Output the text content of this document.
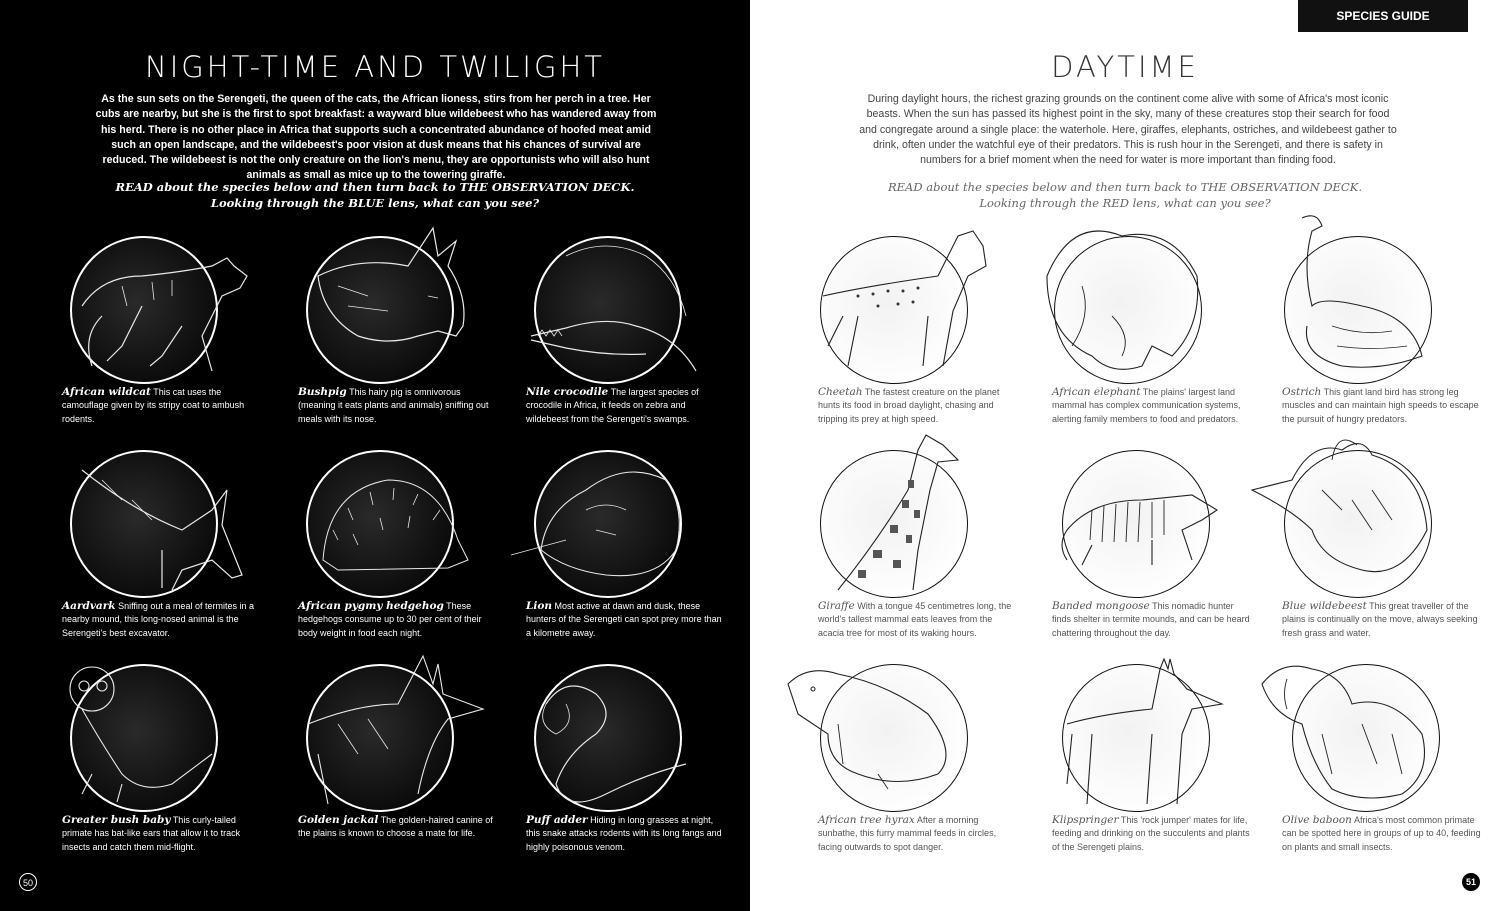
NIGHT-TIME AND TWILIGHT

As the sun sets on the Serengeti, the queen of the cats, the African lioness, stirs from her perch in a tree. Her cubs are nearby, but she is the first to spot breakfast: a wayward blue wildebeest who has wandered away from his herd. There is no other place in Africa that supports such a concentrated abundance of hoofed meat amid such an open landscape, and the wildebeest's poor vision at dusk means that his chances of survival are reduced. The wildebeest is not the only creature on the lion's menu, they are opportunists who will also hunt animals as small as mice up to the towering giraffe.

READ about the species below and then turn back to THE OBSERVATION DECK.
Looking through the BLUE lens, what can you see?

African wildcat This cat uses the camouflage given by its stripy coat to ambush rodents.

Bushpig This hairy pig is omnivorous (meaning it eats plants and animals) sniffing out meals with its nose.

Nile crocodile The largest species of crocodile in Africa, it feeds on zebra and wildebeest from the Serengeti's swamps.

Aardvark Sniffing out a meal of termites in a nearby mound, this long-nosed animal is the Serengeti's best excavator.

African pygmy hedgehog These hedgehogs consume up to 30 per cent of their body weight in food each night.

Lion Most active at dawn and dusk, these hunters of the Serengeti can spot prey more than a kilometre away.

Greater bush baby This curly-tailed primate has bat-like ears that allow it to track insects and catch them mid-flight.

Golden jackal The golden-haired canine of the plains is known to choose a mate for life.

Puff adder Hiding in long grasses at night, this snake attacks rodents with its long fangs and highly poisonous venom.

50
SPECIES GUIDE
DAYTIME

During daylight hours, the richest grazing grounds on the continent come alive with some of Africa's most iconic beasts. When the sun has passed its highest point in the sky, many of these creatures stop their search for food and congregate around a single place: the waterhole. Here, giraffes, elephants, ostriches, and wildebeest gather to drink, often under the watchful eye of their predators. This is rush hour in the Serengeti, and there is safety in numbers for a brief moment when the need for water is more important than finding food.

READ about the species below and then turn back to THE OBSERVATION DECK.
Looking through the RED lens, what can you see?

Cheetah The fastest creature on the planet hunts its food in broad daylight, chasing and tripping its prey at high speed.

African elephant The plains' largest land mammal has complex communication systems, alerting family members to food and predators.

Ostrich This giant land bird has strong leg muscles and can maintain high speeds to escape the pursuit of hungry predators.

Giraffe With a tongue 45 centimetres long, the world's tallest mammal eats leaves from the acacia tree for most of its waking hours.

Banded mongoose This nomadic hunter finds shelter in termite mounds, and can be heard chattering throughout the day.

Blue wildebeest This great traveller of the plains is continually on the move, always seeking fresh grass and water.

African tree hyrax After a morning sunbathe, this furry mammal feeds in circles, facing outwards to spot danger.

Klipspringer This 'rock jumper' mates for life, feeding and drinking on the succulents and plants of the Serengeti plains.

Olive baboon Africa's most common primate can be spotted here in groups of up to 40, feeding on plants and small insects.

51
